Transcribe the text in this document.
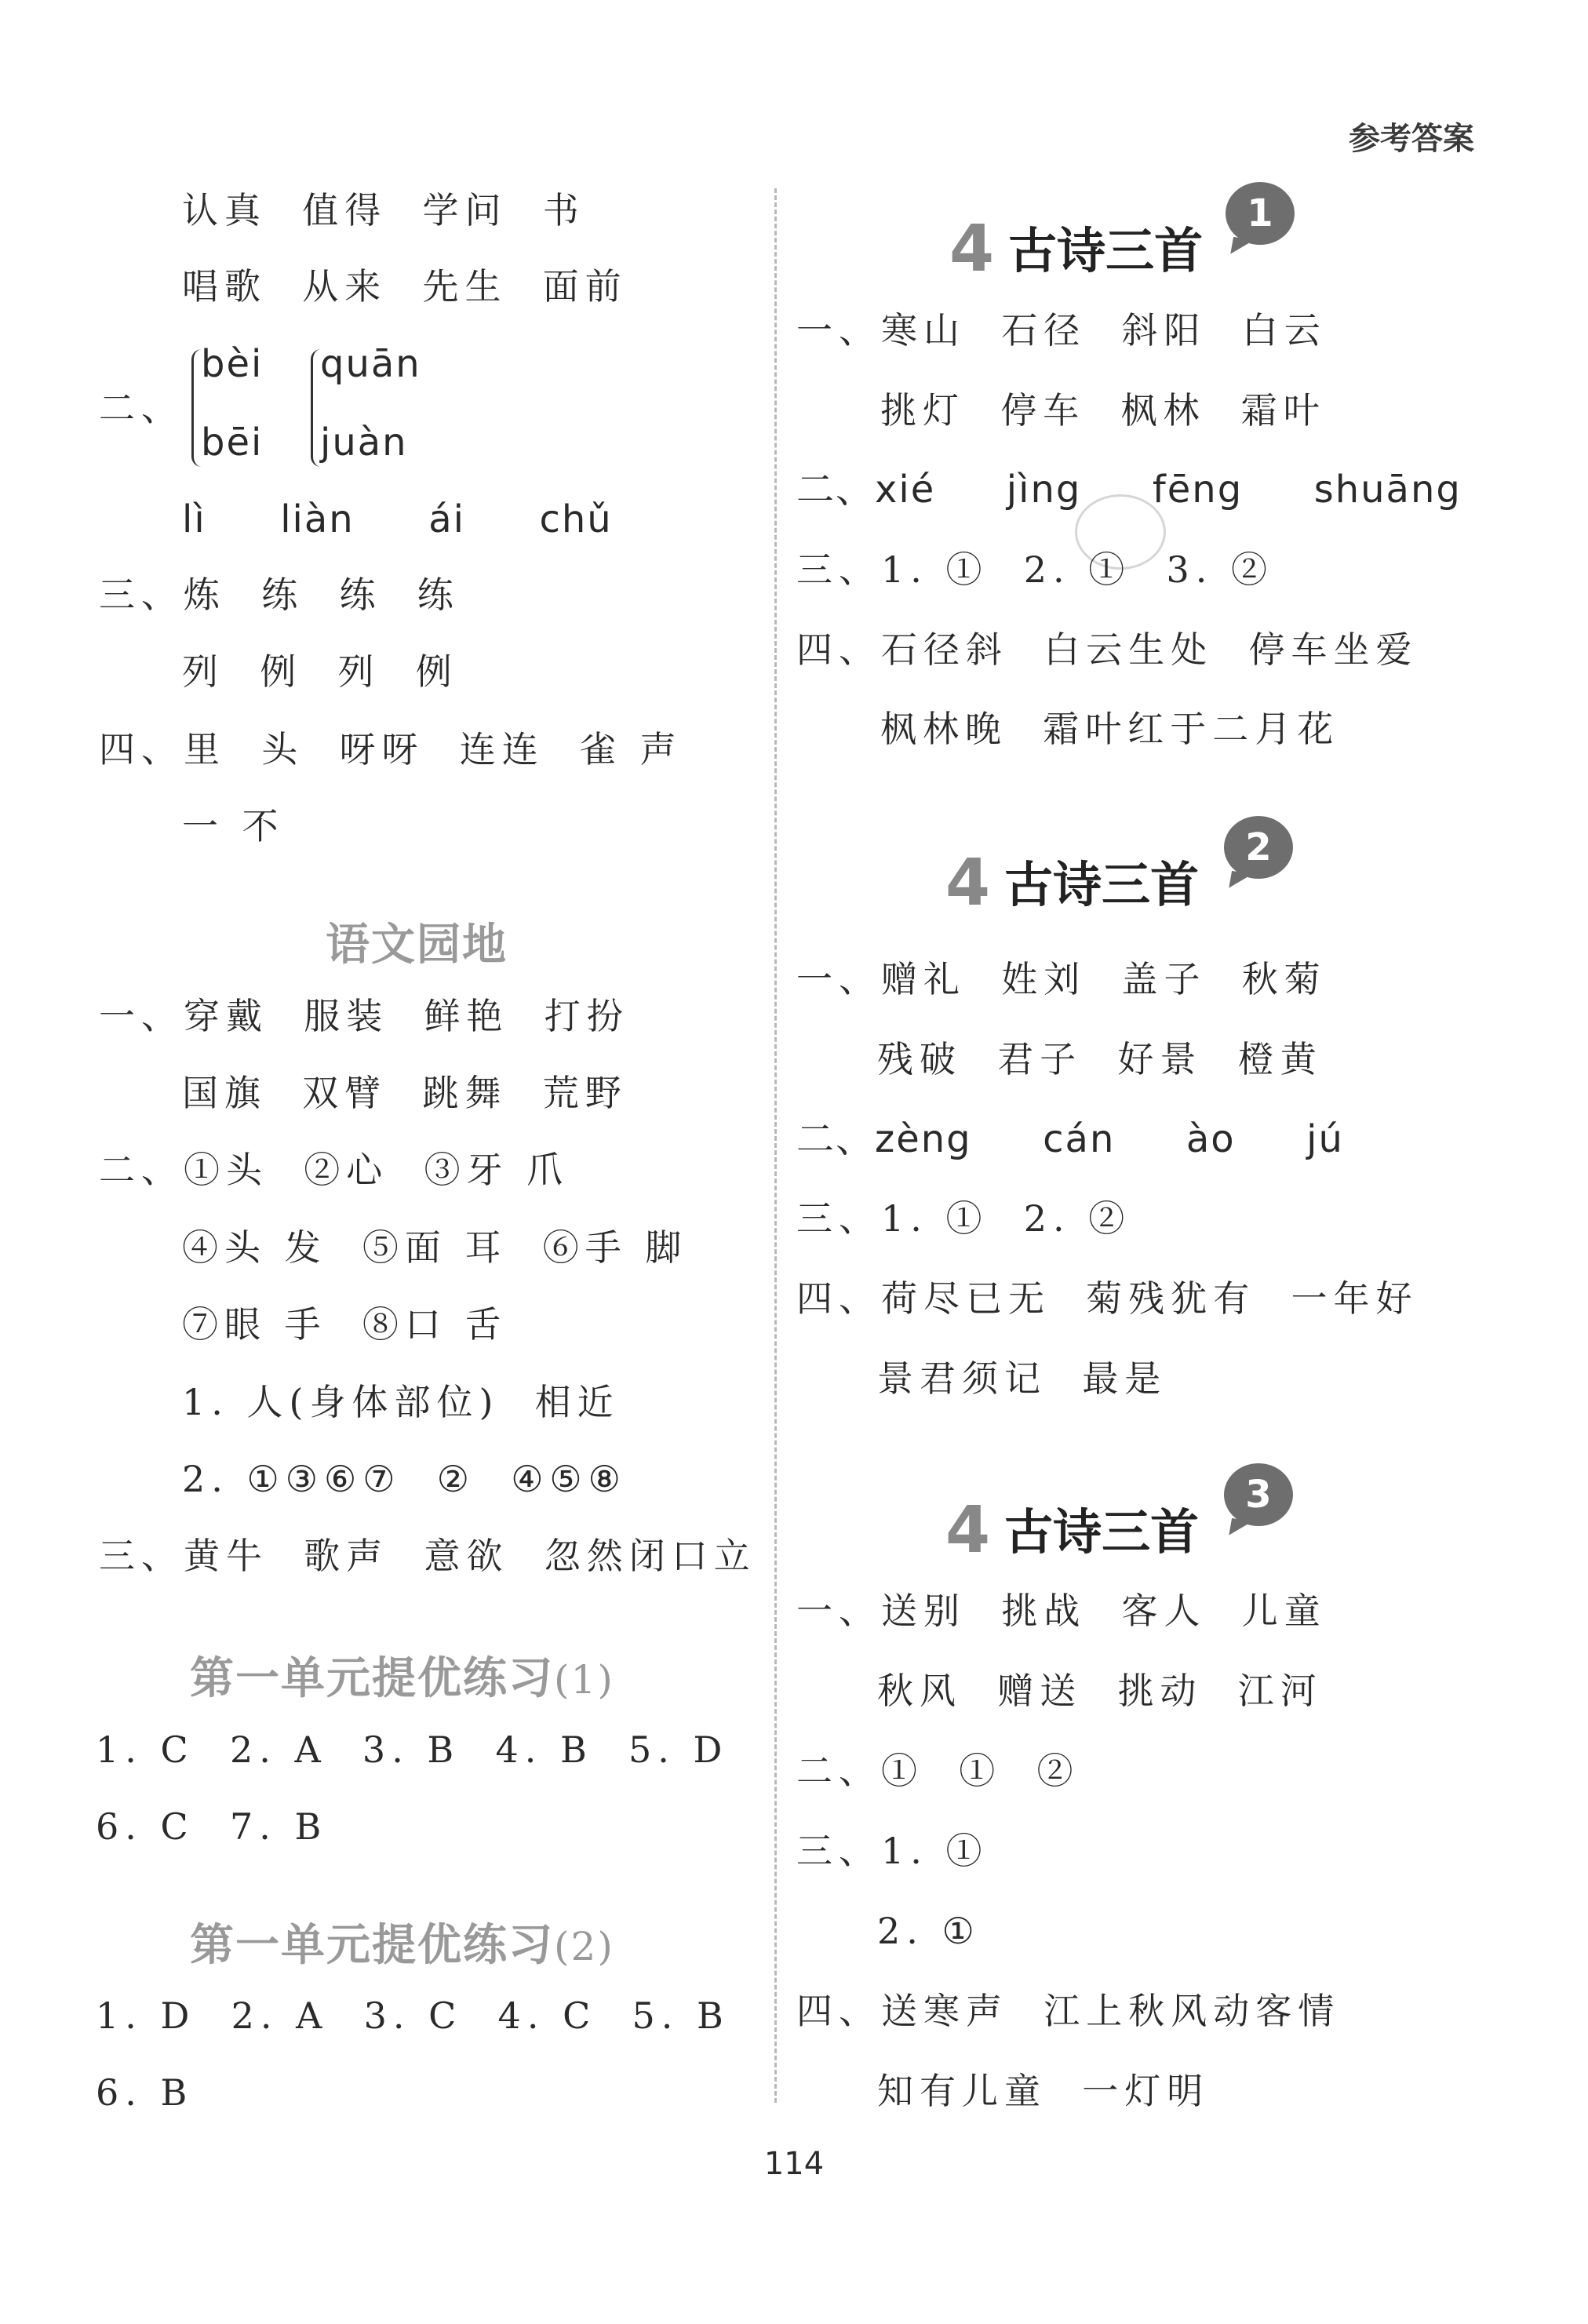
参考答案
认真  值得  学问  书
唱歌  从来  先生  面前
二、
bèi
bēi
quān
juàn
lì  liàn  ái  chǔ
三、炼  练  练  练
列  例  列  例
四、里  头  呀呀  连连  雀 声
一 不
语文园地
一、穿戴  服装  鲜艳  打扮
国旗  双臂  跳舞  荒野
二、①头  ②心  ③牙 爪
④头 发  ⑤面 耳  ⑥手 脚
⑦眼 手  ⑧口 舌
1. 人(身体部位)  相近
2. ①③⑥⑦  ②  ④⑤⑧
三、黄牛  歌声  意欲  忽然闭口立
第一单元提优练习(1)
1. C  2. A  3. B  4. B  5. D
6. C  7. B
第一单元提优练习(2)
1. D  2. A  3. C  4. C  5. B
6. B
4 古诗三首
1
一、寒山  石径  斜阳  白云
挑灯  停车  枫林  霜叶
二、xié  jìng  fēng  shuāng
三、1. ①  2. ①  3. ②
四、石径斜  白云生处  停车坐爱
枫林晚  霜叶红于二月花
4 古诗三首
2
一、赠礼  姓刘  盖子  秋菊
残破  君子  好景  橙黄
二、zèng  cán  ào  jú
三、1. ①  2. ②
四、荷尽已无  菊残犹有  一年好
景君须记  最是
4 古诗三首
3
一、送别  挑战  客人  儿童
秋风  赠送  挑动  江河
二、①  ①  ②
三、1. ①
2. ①
四、送寒声  江上秋风动客情
知有儿童  一灯明
114
